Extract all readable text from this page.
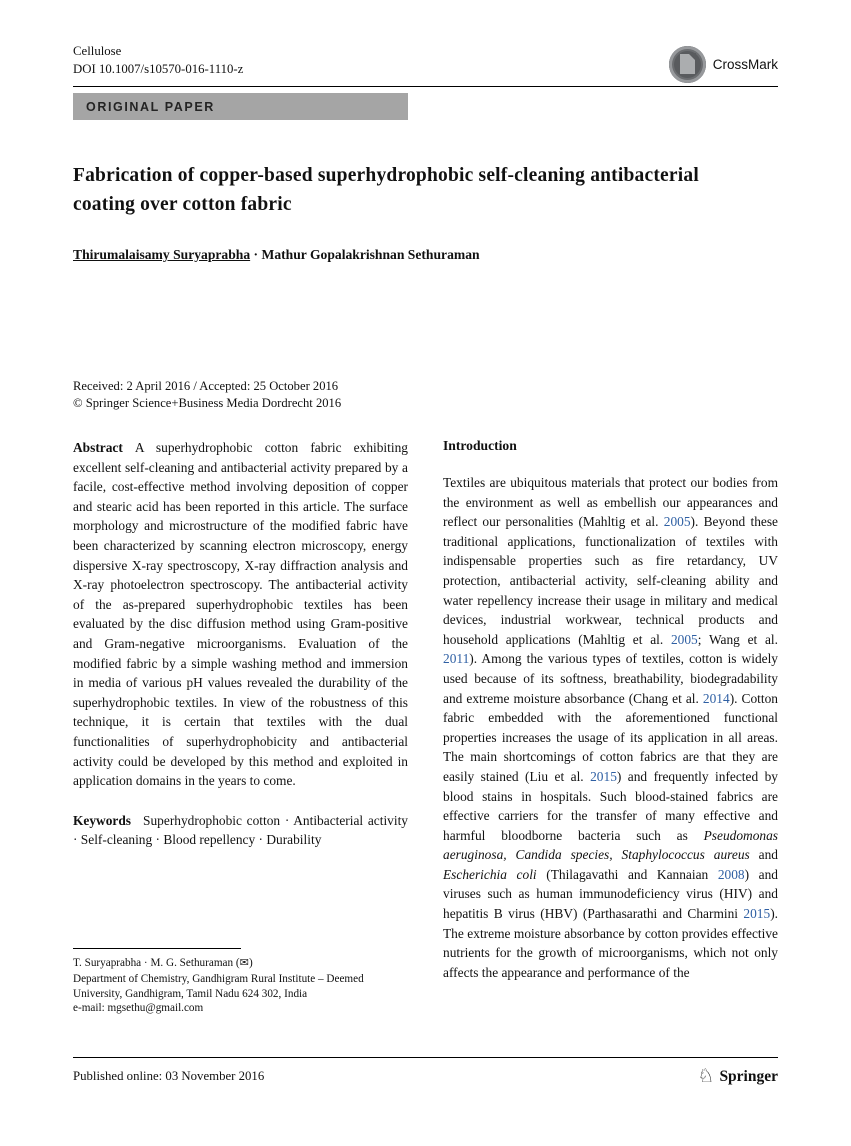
Cellulose
DOI 10.1007/s10570-016-1110-z
ORIGINAL PAPER
CrossMark
Fabrication of copper-based superhydrophobic self-cleaning antibacterial coating over cotton fabric
Thirumalaisamy Suryaprabha · Mathur Gopalakrishnan Sethuraman
Received: 2 April 2016 / Accepted: 25 October 2016
© Springer Science+Business Media Dordrecht 2016

Abstract A superhydrophobic cotton fabric exhibiting excellent self-cleaning and antibacterial activity prepared by a facile, cost-effective method involving deposition of copper and stearic acid has been reported in this article. The surface morphology and microstructure of the modified fabric have been characterized by scanning electron microscopy, energy dispersive X-ray spectroscopy, X-ray diffraction analysis and X-ray photoelectron spectroscopy. The antibacterial activity of the as-prepared superhydrophobic textiles has been evaluated by the disc diffusion method using Gram-positive and Gram-negative microorganisms. Evaluation of the modified fabric by a simple washing method and immersion in media of various pH values revealed the durability of the superhydrophobic textiles. In view of the robustness of this technique, it is certain that textiles with the dual functionalities of superhydrophobicity and antibacterial activity could be developed by this method and exploited in application domains in the years to come.

Keywords Superhydrophobic cotton · Antibacterial activity · Self-cleaning · Blood repellency · Durability

Introduction

Textiles are ubiquitous materials that protect our bodies from the environment as well as embellish our appearances and reflect our personalities (Mahltig et al. 2005). Beyond these traditional applications, functionalization of textiles with indispensable properties such as fire retardancy, UV protection, antibacterial activity, self-cleaning ability and water repellency increase their usage in military and medical devices, industrial workwear, technical products and household applications (Mahltig et al. 2005; Wang et al. 2011). Among the various types of textiles, cotton is widely used because of its softness, breathability, biodegradability and extreme moisture absorbance (Chang et al. 2014). Cotton fabric embedded with the aforementioned functional properties increases the usage of its application in all areas. The main shortcomings of cotton fabrics are that they are easily stained (Liu et al. 2015) and frequently infected by blood stains in hospitals. Such blood-stained fabrics are effective carriers for the transfer of many effective and harmful bloodborne bacteria such as Pseudomonas aeruginosa, Candida species, Staphylococcus aureus and Escherichia coli (Thilagavathi and Kannaian 2008) and viruses such as human immunodeficiency virus (HIV) and hepatitis B virus (HBV) (Parthasarathi and Charmini 2015). The extreme moisture absorbance by cotton provides effective nutrients for the growth of microorganisms, which not only affects the appearance and performance of the

T. Suryaprabha · M. G. Sethuraman (✉)
Department of Chemistry, Gandhigram Rural Institute – Deemed University, Gandhigram, Tamil Nadu 624 302, India
e-mail: mgsethu@gmail.com
Published online: 03 November 2016	♘ Springer
